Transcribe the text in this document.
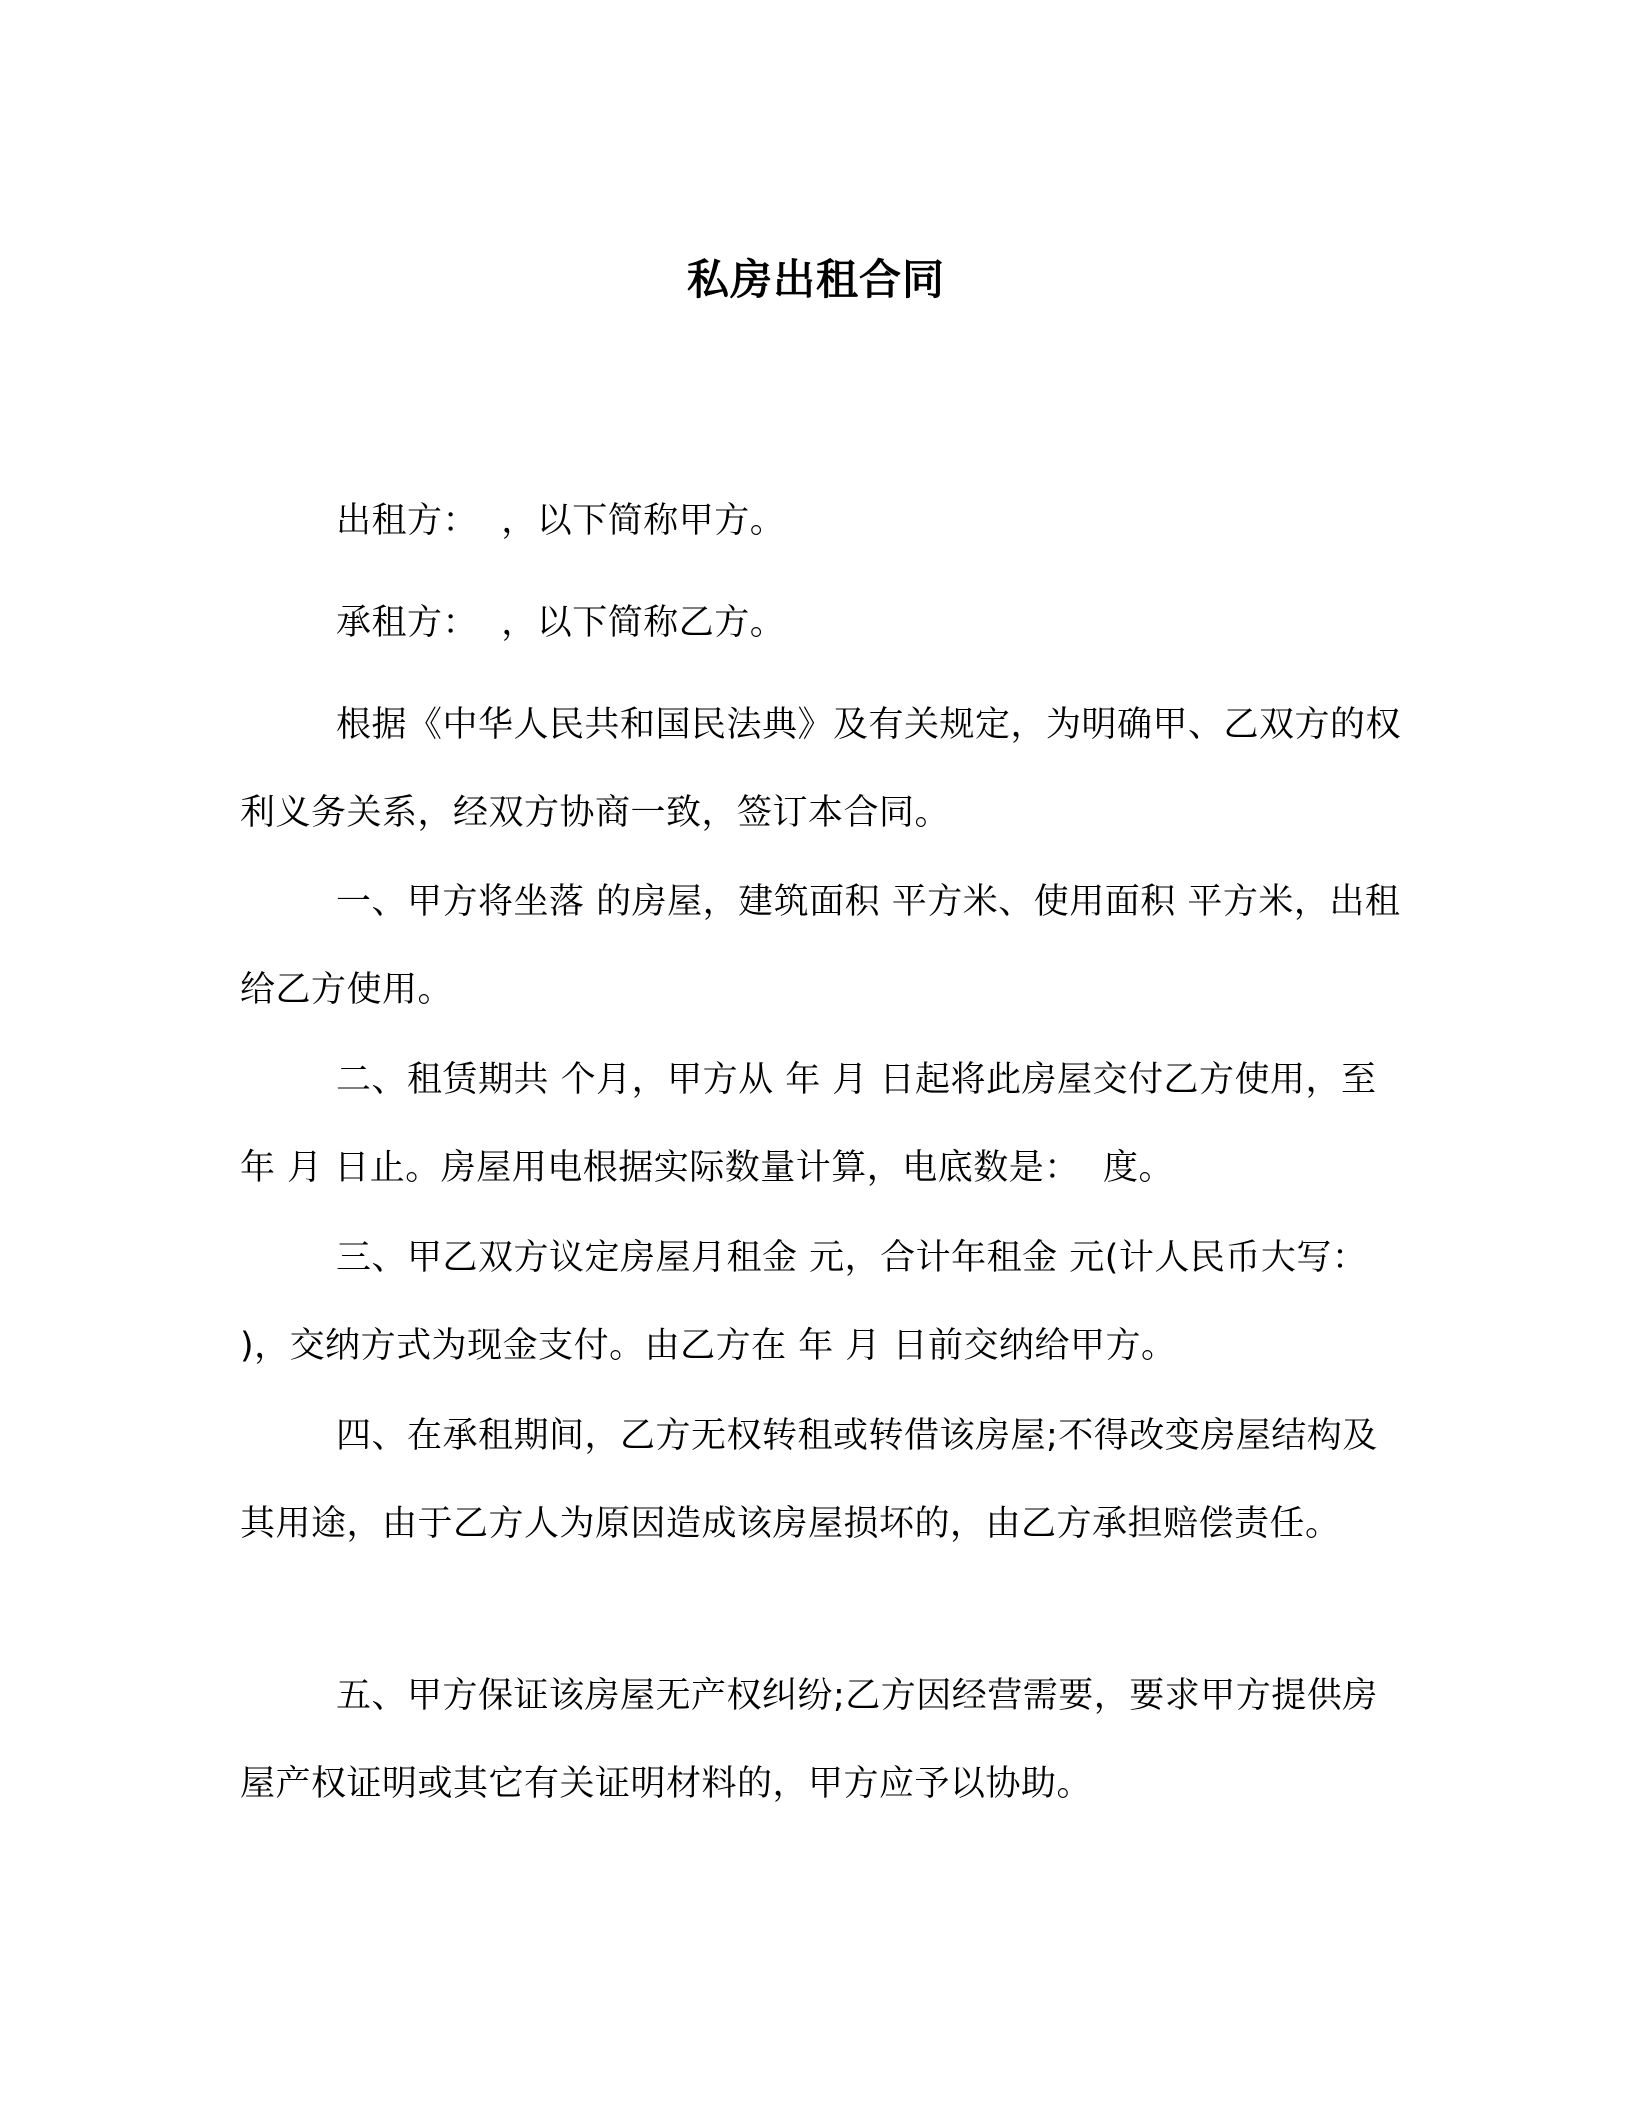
私房出租合同

出租方：  ，以下简称甲方。

承租方：  ，以下简称乙方。

根据《中华人民共和国民法典》及有关规定，为明确甲、乙双方的权利义务关系，经双方协商一致，签订本合同。

一、甲方将坐落 的房屋，建筑面积 平方米、使用面积 平方米，出租给乙方使用。

二、租赁期共 个月，甲方从 年 月 日起将此房屋交付乙方使用，至 年 月 日止。房屋用电根据实际数量计算，电底数是：  度。

三、甲乙双方议定房屋月租金 元，合计年租金 元(计人民币大写：  )，交纳方式为现金支付。由乙方在 年 月 日前交纳给甲方。

四、在承租期间，乙方无权转租或转借该房屋;不得改变房屋结构及其用途，由于乙方人为原因造成该房屋损坏的，由乙方承担赔偿责任。

五、甲方保证该房屋无产权纠纷;乙方因经营需要，要求甲方提供房屋产权证明或其它有关证明材料的，甲方应予以协助。
